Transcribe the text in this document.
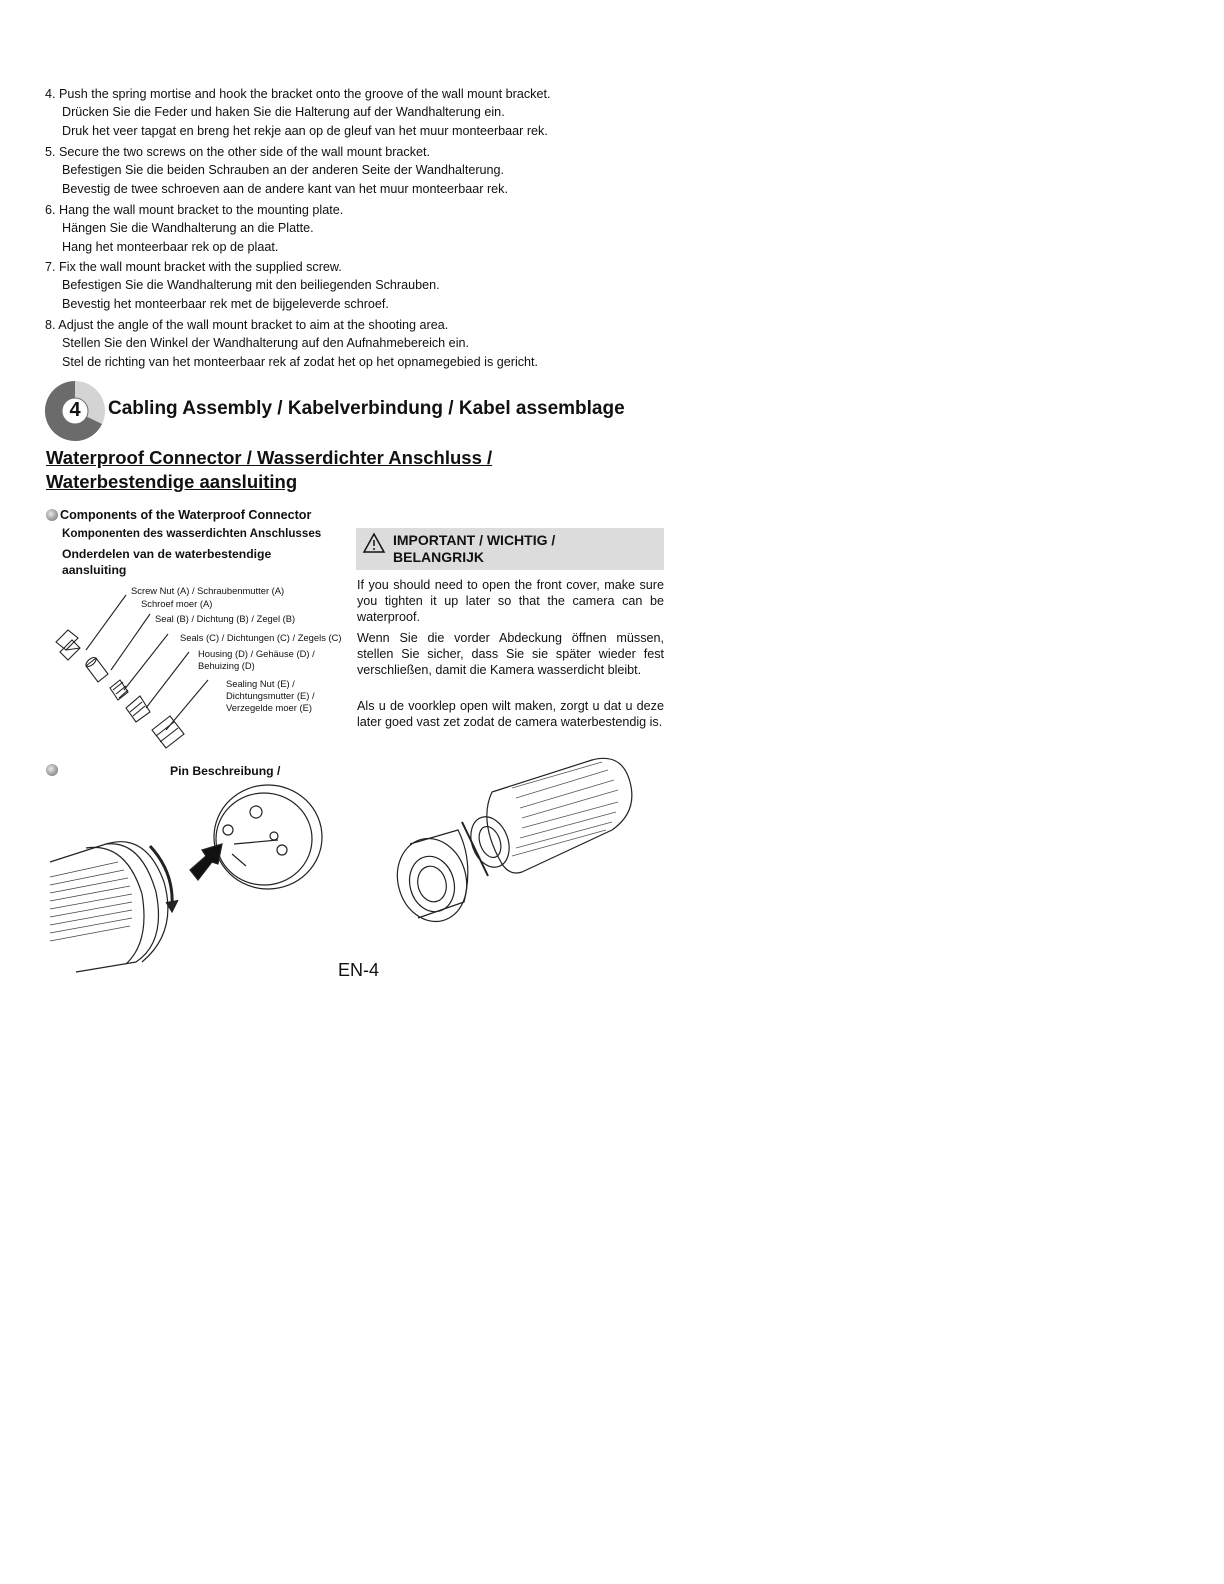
4. Push the spring mortise and hook the bracket onto the groove of the wall mount bracket.
Drücken Sie die Feder und haken Sie die Halterung auf der Wandhalterung ein.
Druk het veer tapgat en breng het rekje aan op de gleuf van het muur monteerbaar rek.
5. Secure the two screws on the other side of the wall mount bracket.
Befestigen Sie die beiden Schrauben an der anderen Seite der Wandhalterung.
Bevestig de twee schroeven aan de andere kant van het muur monteerbaar rek.
6. Hang the wall mount bracket to the mounting plate.
Hängen Sie die Wandhalterung an die Platte.
Hang het monteerbaar rek op de plaat.
7. Fix the wall mount bracket with the supplied screw.
Befestigen Sie die Wandhalterung mit den beiliegenden Schrauben.
Bevestig het monteerbaar rek met de bijgeleverde schroef.
8. Adjust the angle of the wall mount bracket to aim at the shooting area.
Stellen Sie den Winkel der Wandhalterung auf den Aufnahmebereich ein.
Stel de richting van het monteerbaar rek af zodat het op het opnamegebied is gericht.
4 Cabling Assembly / Kabelverbindung / Kabel assemblage
Waterproof Connector / Wasserdichter Anschluss /
Waterbestendige aansluiting
Components of the Waterproof Connector
Komponenten des wasserdichten Anschlusses
Onderdelen van de waterbestendige
aansluiting
Screw Nut (A) / Schraubenmutter (A)
Schroef moer (A)
Seal (B) / Dichtung (B) / Zegel (B)
Seals (C) / Dichtungen (C) / Zegels (C)
Housing (D) / Gehäuse (D) /
Behuizing (D)
Sealing Nut (E) /
Dichtungsmutter (E) /
Verzegelde moer (E)
IMPORTANT / WICHTIG /
BELANGRIJK
If you should need to open the front cover, make sure you tighten it up later so that the camera can be waterproof.
Wenn Sie die vorder Abdeckung öffnen müssen, stellen Sie sicher, dass Sie sie später wieder fest verschließen, damit die Kamera wasserdicht bleibt.
Als u de voorklep open wilt maken, zorgt u dat u deze later goed vast zet zodat de camera waterbestendig is.
Pin Beschreibung /
EN-4
